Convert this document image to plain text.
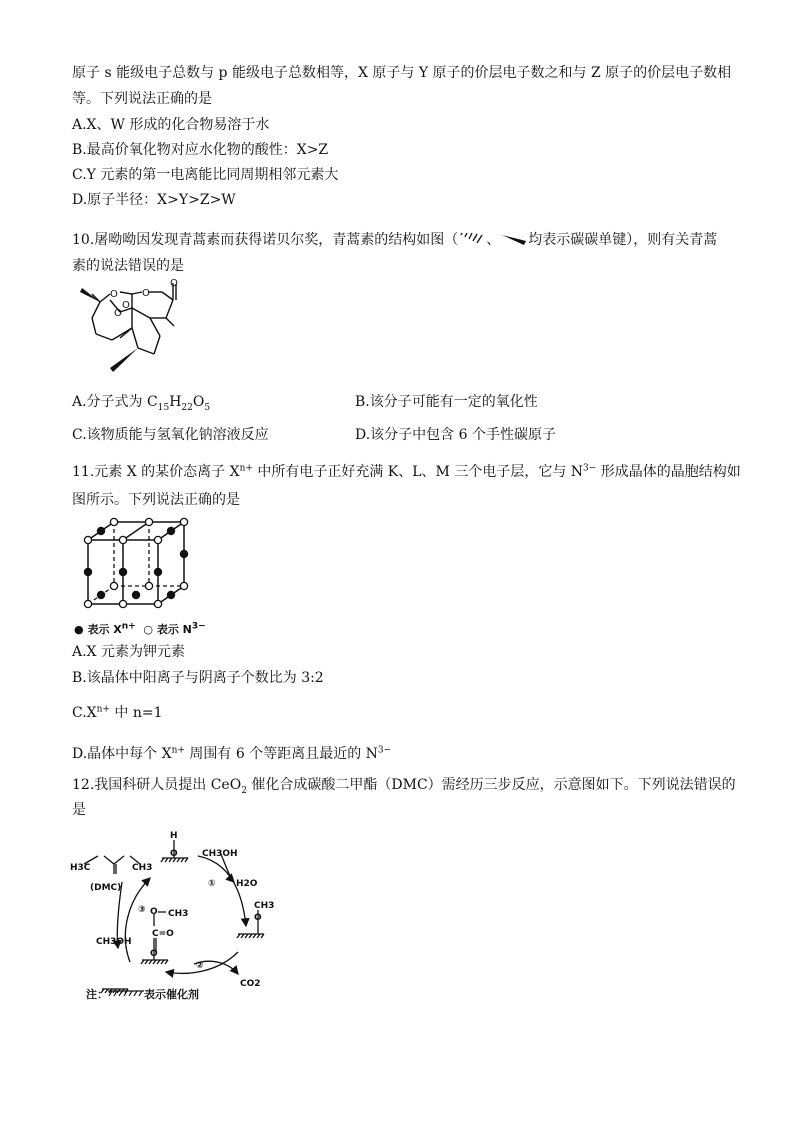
原子 s 能级电子总数与 p 能级电子总数相等，X 原子与 Y 原子的价层电子数之和与 Z 原子的价层电子数相
等。下列说法正确的是
A.X、W 形成的化合物易溶于水
B.最高价氧化物对应水化物的酸性：X>Z
C.Y 元素的第一电离能比同周期相邻元素大
D.原子半径：X>Y>Z>W
10.屠呦呦因发现青蒿素而获得诺贝尔奖，青蒿素的结构如图（ 、 均表示碳碳单键），则有关青蒿
素的说法错误的是
O O
O
O
O
A.分子式为 $C_{15}H_{22}O_5$	B.该分子可能有一定的氧化性
C.该物质能与氢氧化钠溶液反应	D.该分子中包含 6 个手性碳原子
11.元素 X 的某价态离子 $X^{n+}$ 中所有电子正好充满 K、L、M 三个电子层，它与 $N^{3-}$ 形成晶体的晶胞结构如
图所示。下列说法正确的是
● 表示 $X^{n+}$ ○ 表示 $N^{3-}$
A.X 元素为钾元素
B.该晶体中阳离子与阴离子个数比为 3:2
$C.X^{n+}$ 中 n=1
D.晶体中每个 $X^{n+}$ 周围有 6 个等距离且最近的 $N^{3-}$
12.我国科研人员提出 CeO$_2$ 催化合成碳酸二甲酯（DMC）需经历三步反应，示意图如下。下列说法错误的
是
H
O	CH3OH
① H2O
O
CH3
②
CO2
③
CH3OH
(DMC)
H3C	CH3
O CH3
C=O
O
注：	表示催化剂
